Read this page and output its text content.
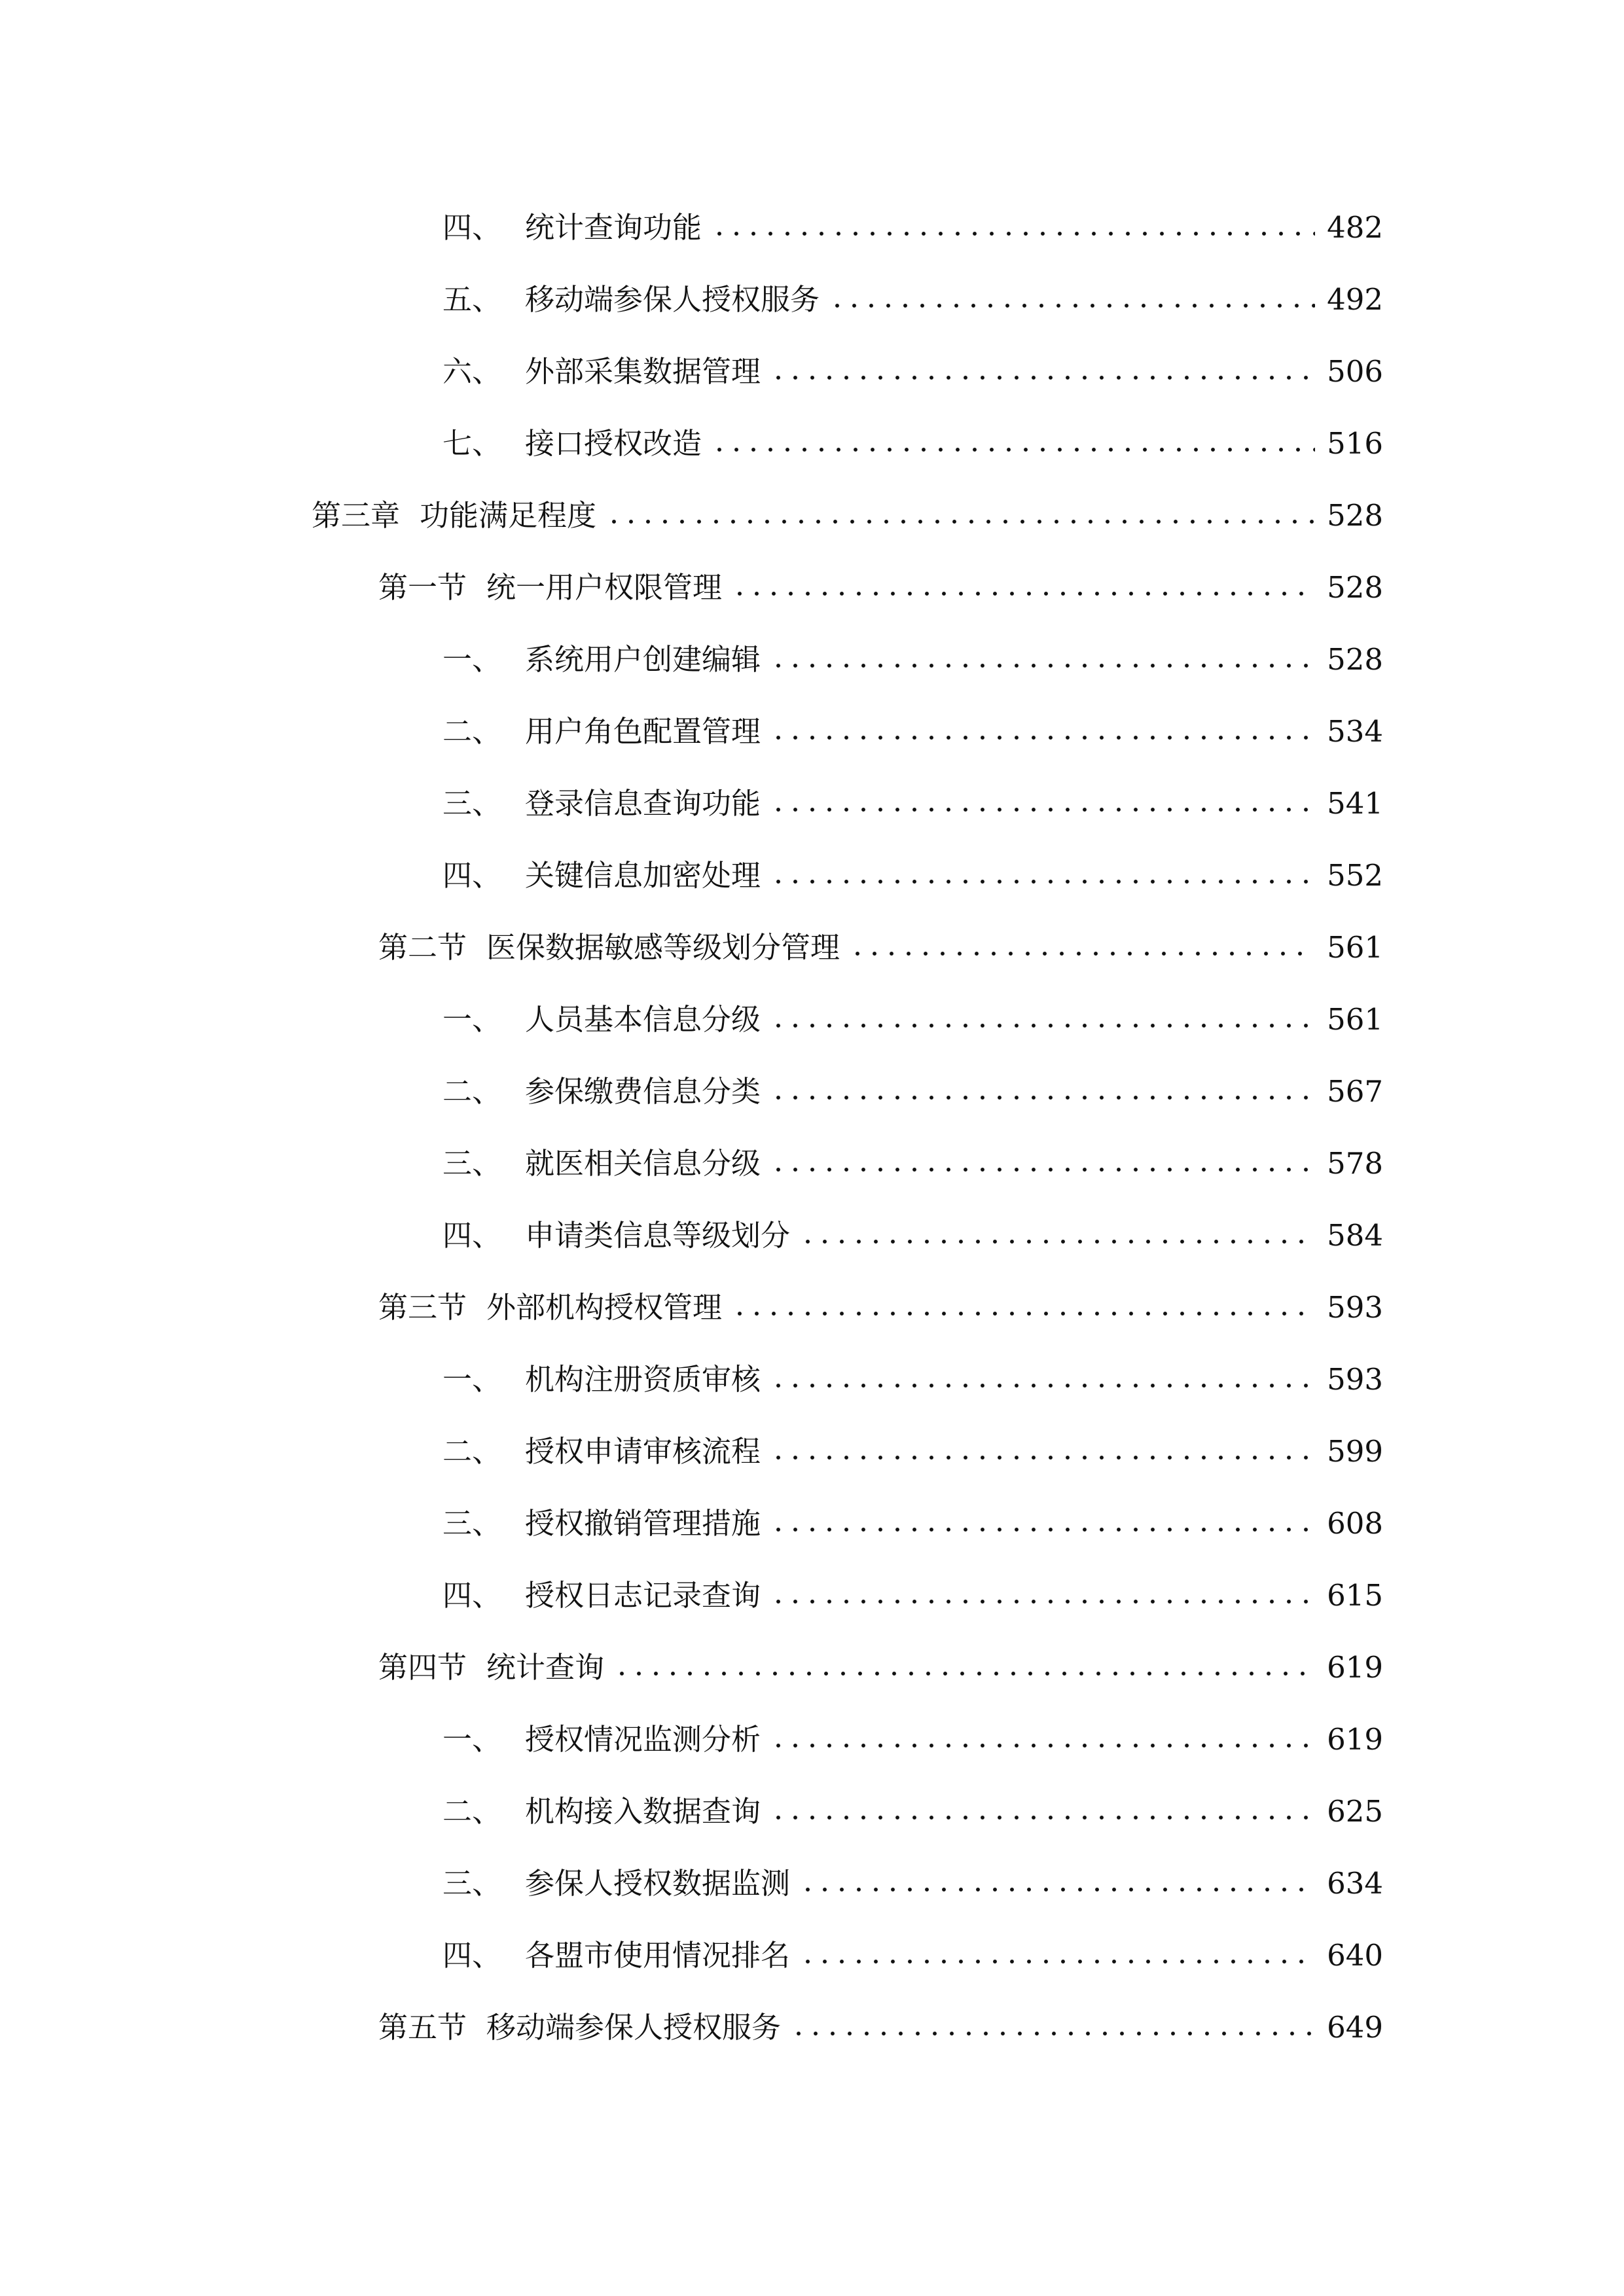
四、 统计查询功能	482
五、 移动端参保人授权服务	492
六、 外部采集数据管理	506
七、 接口授权改造	516
第三章 功能满足程度	528
第一节 统一用户权限管理	528
一、 系统用户创建编辑	528
二、 用户角色配置管理	534
三、 登录信息查询功能	541
四、 关键信息加密处理	552
第二节 医保数据敏感等级划分管理	561
一、 人员基本信息分级	561
二、 参保缴费信息分类	567
三、 就医相关信息分级	578
四、 申请类信息等级划分	584
第三节 外部机构授权管理	593
一、 机构注册资质审核	593
二、 授权申请审核流程	599
三、 授权撤销管理措施	608
四、 授权日志记录查询	615
第四节 统计查询	619
一、 授权情况监测分析	619
二、 机构接入数据查询	625
三、 参保人授权数据监测	634
四、 各盟市使用情况排名	640
第五节 移动端参保人授权服务	649
